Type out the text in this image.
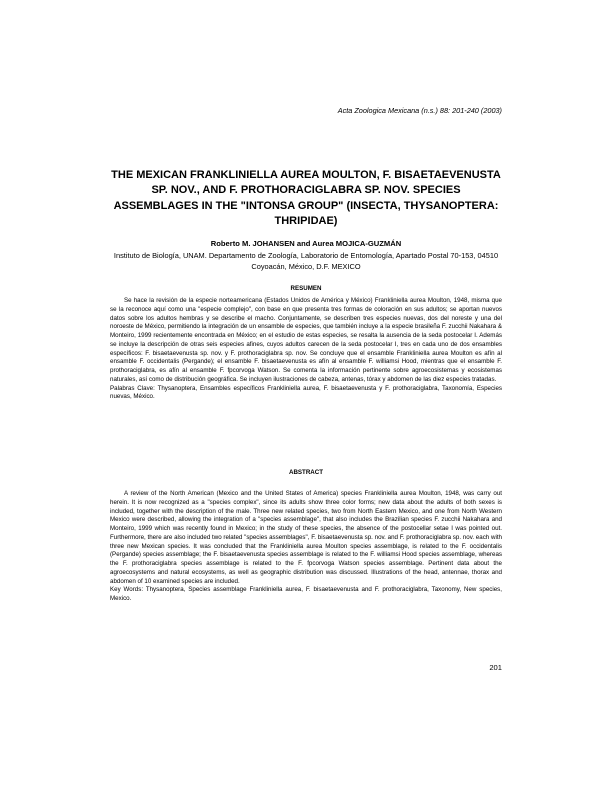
Acta Zoologica Mexicana (n.s.) 88: 201-240 (2003)
THE MEXICAN FRANKLINIELLA AUREA MOULTON, F. BISAETAEVENUSTA SP. NOV., AND F. PROTHORACIGLABRA SP. NOV. SPECIES ASSEMBLAGES IN THE "INTONSA GROUP" (INSECTA, THYSANOPTERA: THRIPIDAE)
Roberto M. JOHANSEN and Aurea MOJICA-GUZMÁN
Instituto de Biología, UNAM. Departamento de Zoología, Laboratorio de Entomología, Apartado Postal 70-153, 04510 Coyoacán, México, D.F. MEXICO
RESUMEN

Se hace la revisión de la especie norteamericana (Estados Unidos de América y México) Frankliniella aurea Moulton, 1948, misma que se la reconoce aquí como una "especie complejo", con base en que presenta tres formas de coloración en sus adultos; se aportan nuevos datos sobre los adultos hembras y se describe el macho. Conjuntamente, se describen tres especies nuevas, dos del noreste y una del noroeste de México, permitiendo la integración de un ensamble de especies, que también incluye a la especie brasileña F. zucchii Nakahara & Monteiro, 1999 recientemente encontrada en México; en el estudio de estas especies, se resalta la ausencia de la seda postocelar I. Además se incluye la descripción de otras seis especies afines, cuyos adultos carecen de la seda postocelar I, tres en cada uno de dos ensambles específicos: F. bisaetaevenusta sp. nov. y F. prothoraciglabra sp. nov. Se concluye que el ensamble Frankliniella aurea Moulton es afín al ensamble F. occidentalis (Pergande); el ensamble F. bisaetaevenusta es afín al ensamble F. williamsi Hood, mientras que el ensamble F. prothoraciglabra, es afín al ensamble F. fpcorvoga Watson. Se comenta la información pertinente sobre agroecosistemas y ecosistemas naturales, así como de distribución geográfica. Se incluyen ilustraciones de cabeza, antenas, tórax y abdomen de las diez especies tratadas.

Palabras Clave: Thysanoptera, Ensambles específicos Frankliniella aurea, F. bisaetaevenusta y F. prothoraciglabra, Taxonomía, Especies nuevas, México.

ABSTRACT

A review of the North American (Mexico and the United States of America) species Frankliniella aurea Moulton, 1948, was carry out herein. It is now recognized as a "species complex", since its adults show three color forms; new data about the adults of both sexes is included, together with the description of the male. Three new related species, two from North Eastern Mexico, and one from North Western Mexico were described, allowing the integration of a "species assemblage", that also includes the Brazilian species F. zucchii Nakahara and Monteiro, 1999 which was recently found in Mexico; in the study of these species, the absence of the postocellar setae I was pointed out. Furthermore, there are also included two related "species assemblages", F. bisaetaevenusta sp. nov. and F. prothoraciglabra sp. nov. each with three new Mexican species. It was concluded that the Frankliniella aurea Moulton species assemblage, is related to the F. occidentalis (Pergande) species assemblage; the F. bisaetaevenusta species assemblage is related to the F. williamsi Hood species assemblage, whereas the F. prothoraciglabra species assemblage is related to the F. fpcorvoga Watson species assemblage. Pertinent data about the agroecosystems and natural ecosystems, as well as geographic distribution was discussed. Illustrations of the head, antennae, thorax and abdomen of 10 examined species are included.

Key Words: Thysanoptera, Species assemblage Frankliniella aurea, F. bisaetaevenusta and F. prothoraciglabra, Taxonomy, New species, Mexico.

201
